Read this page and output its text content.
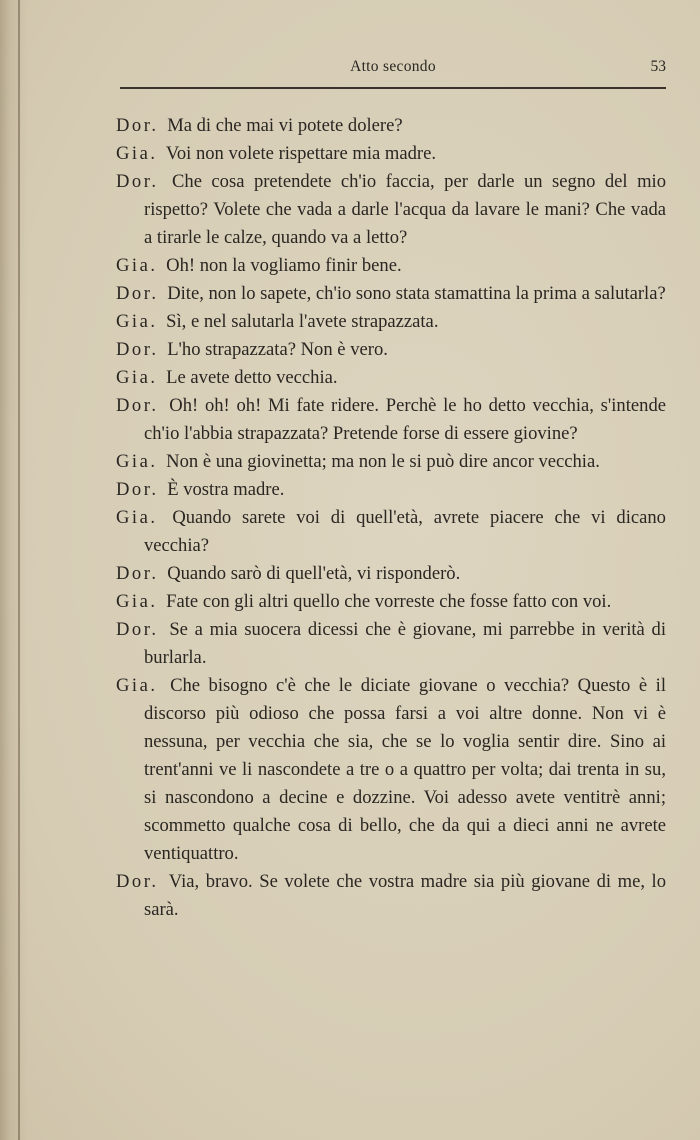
Atto secondo	53

Dor. Ma di che mai vi potete dolere?

Gia. Voi non volete rispettare mia madre.

Dor. Che cosa pretendete ch'io faccia, per darle un segno del mio rispetto? Volete che vada a darle l'acqua da lavare le mani? Che vada a tirarle le calze, quando va a letto?

Gia. Oh! non la vogliamo finir bene.

Dor. Dite, non lo sapete, ch'io sono stata stamattina la prima a salutarla?

Gia. Sì, e nel salutarla l'avete strapazzata.

Dor. L'ho strapazzata? Non è vero.

Gia. Le avete detto vecchia.

Dor. Oh! oh! oh! Mi fate ridere. Perchè le ho detto vecchia, s'intende ch'io l'abbia strapazzata? Pretende forse di essere giovine?

Gia. Non è una giovinetta; ma non le si può dire ancor vecchia.

Dor. È vostra madre.

Gia. Quando sarete voi di quell'età, avrete piacere che vi dicano vecchia?

Dor. Quando sarò di quell'età, vi risponderò.

Gia. Fate con gli altri quello che vorreste che fosse fatto con voi.

Dor. Se a mia suocera dicessi che è giovane, mi parrebbe in verità di burlarla.

Gia. Che bisogno c'è che le diciate giovane o vecchia? Questo è il discorso più odioso che possa farsi a voi altre donne. Non vi è nessuna, per vecchia che sia, che se lo voglia sentir dire. Sino ai trent'anni ve li nascondete a tre o a quattro per volta; dai trenta in su, si nascondono a decine e dozzine. Voi adesso avete ventitrè anni; scommetto qualche cosa di bello, che da qui a dieci anni ne avrete ventiquattro.

Dor. Via, bravo. Se volete che vostra madre sia più giovane di me, lo sarà.
